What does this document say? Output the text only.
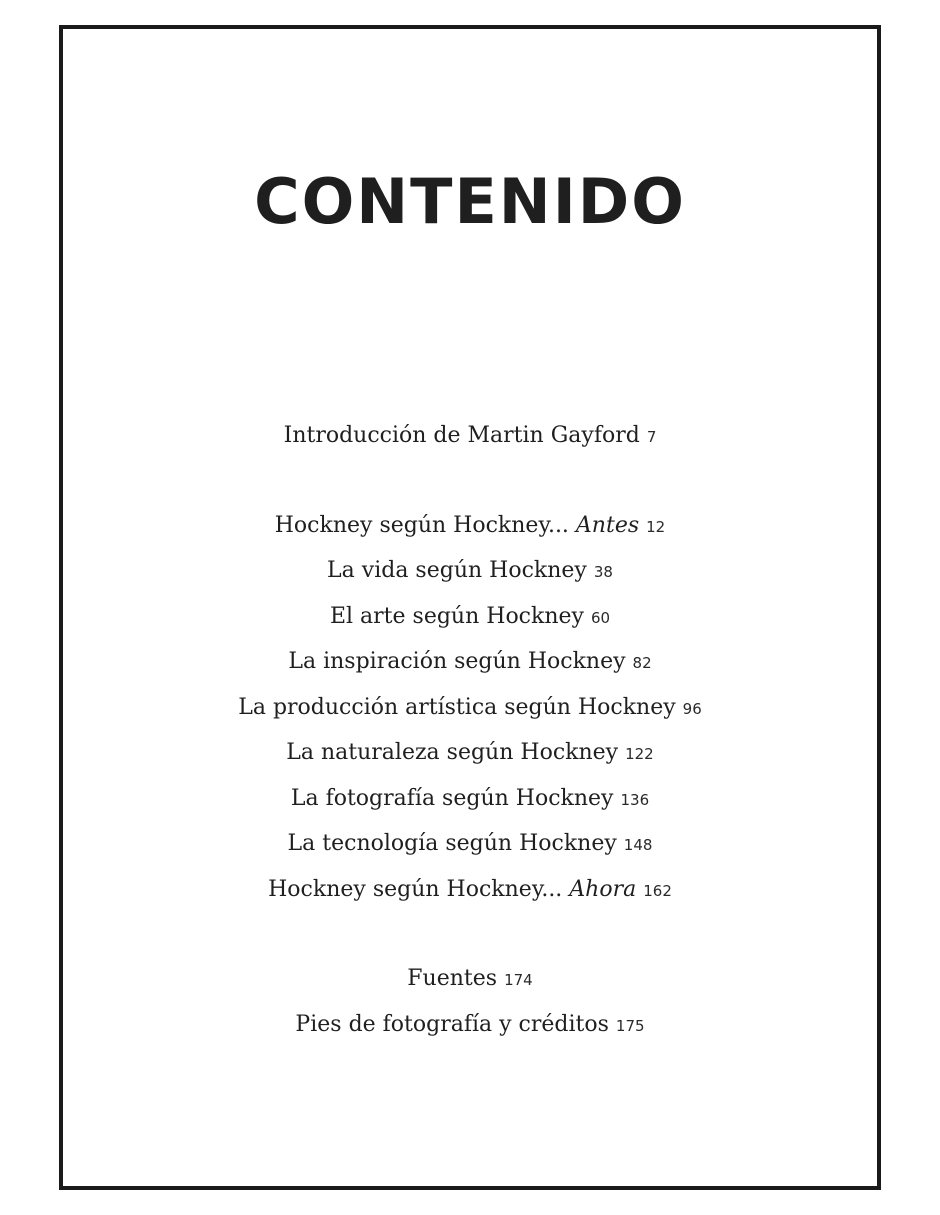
CONTENIDO
Introducción de Martin Gayford 7
Hockney según Hockney... Antes 12
La vida según Hockney 38
El arte según Hockney 60
La inspiración según Hockney 82
La producción artística según Hockney 96
La naturaleza según Hockney 122
La fotografía según Hockney 136
La tecnología según Hockney 148
Hockney según Hockney... Ahora 162
Fuentes 174
Pies de fotografía y créditos 175
